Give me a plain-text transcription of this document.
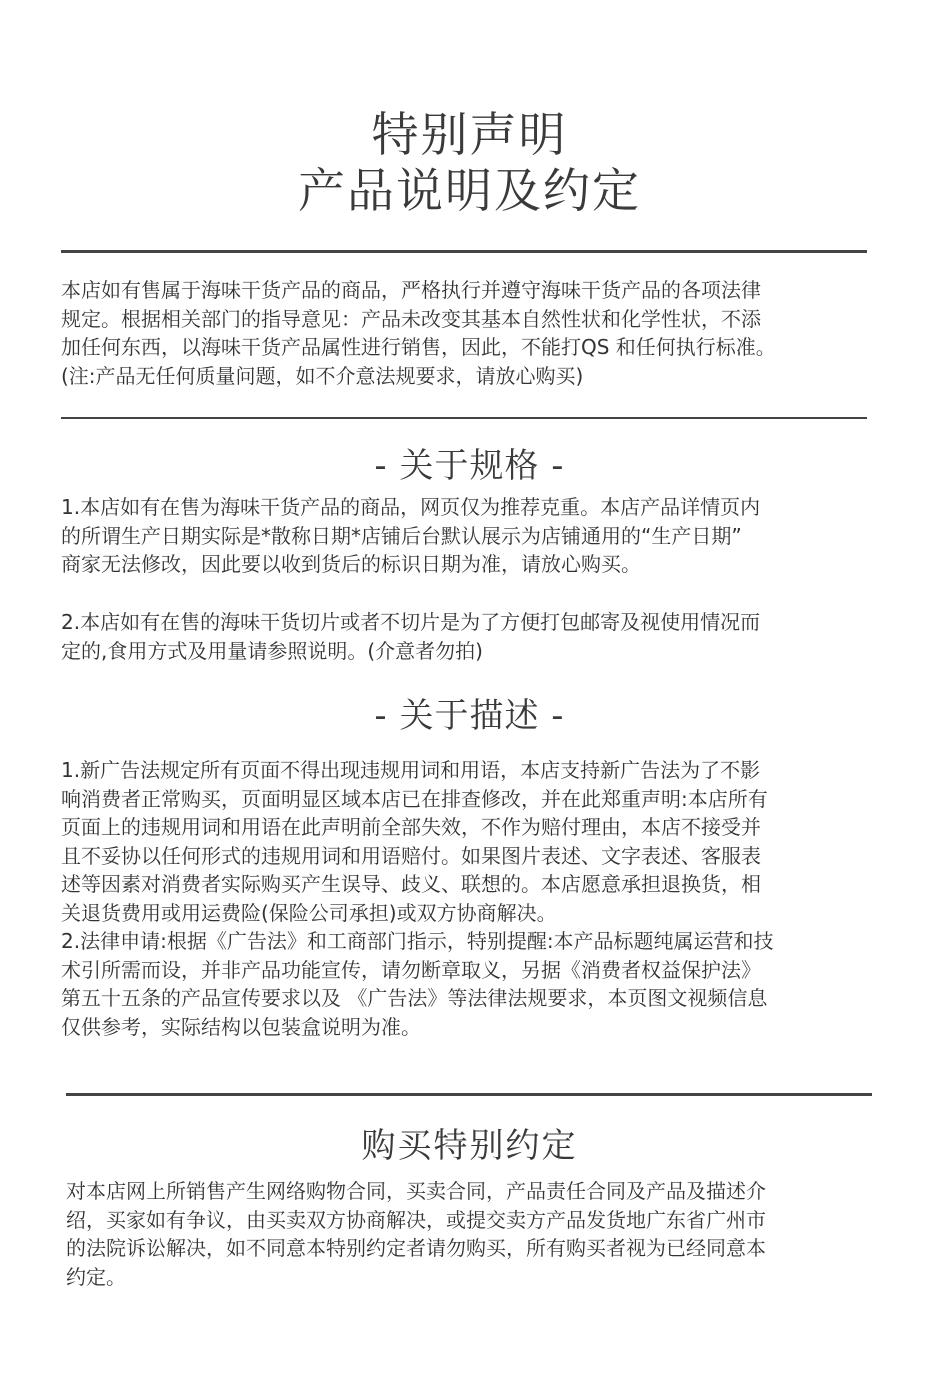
特别声明
产品说明及约定
本店如有售属于海味干货产品的商品，严格执行并遵守海味干货产品的各项法律
规定。根据相关部门的指导意见：产品未改变其基本自然性状和化学性状，不添
加任何东西，以海味干货产品属性进行销售，因此，不能打QS 和任何执行标准。
(注:产品无任何质量问题，如不介意法规要求，请放心购买)
- 关于规格 -
1.本店如有在售为海味干货产品的商品，网页仅为推荐克重。本店产品详情页内
的所谓生产日期实际是*散称日期*店铺后台默认展示为店铺通用的“生产日期”
商家无法修改，因此要以收到货后的标识日期为准，请放心购买。
2.本店如有在售的海味干货切片或者不切片是为了方便打包邮寄及视使用情况而
定的,食用方式及用量请参照说明。(介意者勿拍)
- 关于描述 -
1.新广告法规定所有页面不得出现违规用词和用语，本店支持新广告法为了不影
响消费者正常购买，页面明显区域本店已在排查修改，并在此郑重声明:本店所有
页面上的违规用词和用语在此声明前全部失效，不作为赔付理由，本店不接受并
且不妥协以任何形式的违规用词和用语赔付。如果图片表述、文字表述、客服表
述等因素对消费者实际购买产生误导、歧义、联想的。本店愿意承担退换货，相
关退货费用或用运费险(保险公司承担)或双方协商解决。
2.法律申请:根据《广告法》和工商部门指示，特别提醒:本产品标题纯属运营和技
术引所需而设，并非产品功能宣传，请勿断章取义，另据《消费者权益保护法》
第五十五条的产品宣传要求以及 《广告法》等法律法规要求，本页图文视频信息
仅供参考，实际结构以包装盒说明为准。
购买特别约定
对本店网上所销售产生网络购物合同，买卖合同，产品责任合同及产品及描述介
绍，买家如有争议，由买卖双方协商解决，或提交卖方产品发货地广东省广州市
的法院诉讼解决，如不同意本特别约定者请勿购买，所有购买者视为已经同意本
约定。
